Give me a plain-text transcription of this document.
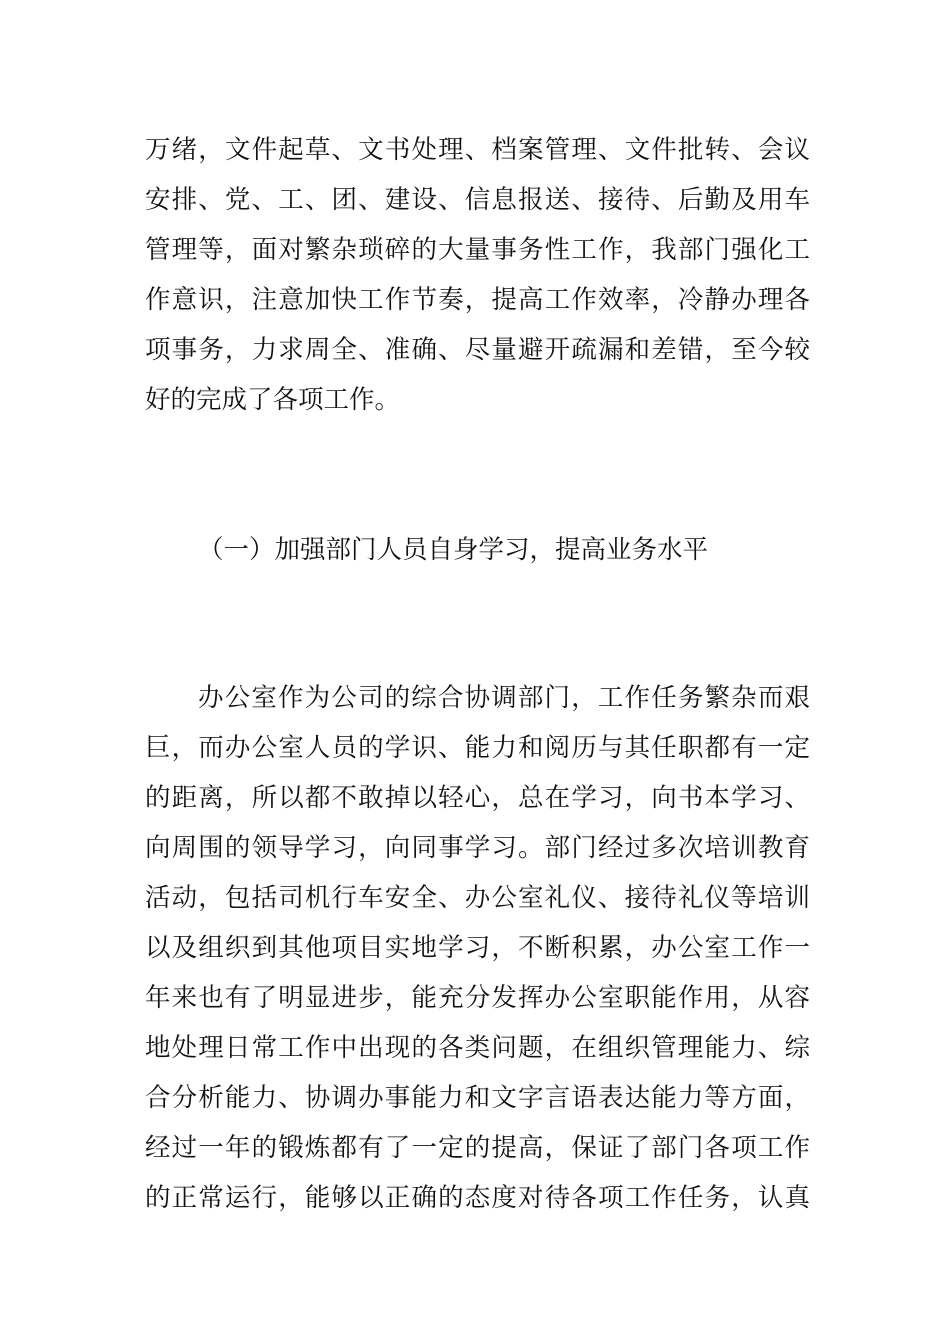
万绪，文件起草、文书处理、档案管理、文件批转、会议
安排、党、工、团、建设、信息报送、接待、后勤及用车
管理等，面对繁杂琐碎的大量事务性工作，我部门强化工
作意识，注意加快工作节奏，提高工作效率，冷静办理各
项事务，力求周全、准确、尽量避开疏漏和差错，至今较
好的完成了各项工作。
（一）加强部门人员自身学习，提高业务水平
办公室作为公司的综合协调部门，工作任务繁杂而艰
巨，而办公室人员的学识、能力和阅历与其任职都有一定
的距离，所以都不敢掉以轻心，总在学习，向书本学习、
向周围的领导学习，向同事学习。部门经过多次培训教育
活动，包括司机行车安全、办公室礼仪、接待礼仪等培训
以及组织到其他项目实地学习，不断积累，办公室工作一
年来也有了明显进步，能充分发挥办公室职能作用，从容
地处理日常工作中出现的各类问题，在组织管理能力、综
合分析能力、协调办事能力和文字言语表达能力等方面，
经过一年的锻炼都有了一定的提高，保证了部门各项工作
的正常运行，能够以正确的态度对待各项工作任务，认真
